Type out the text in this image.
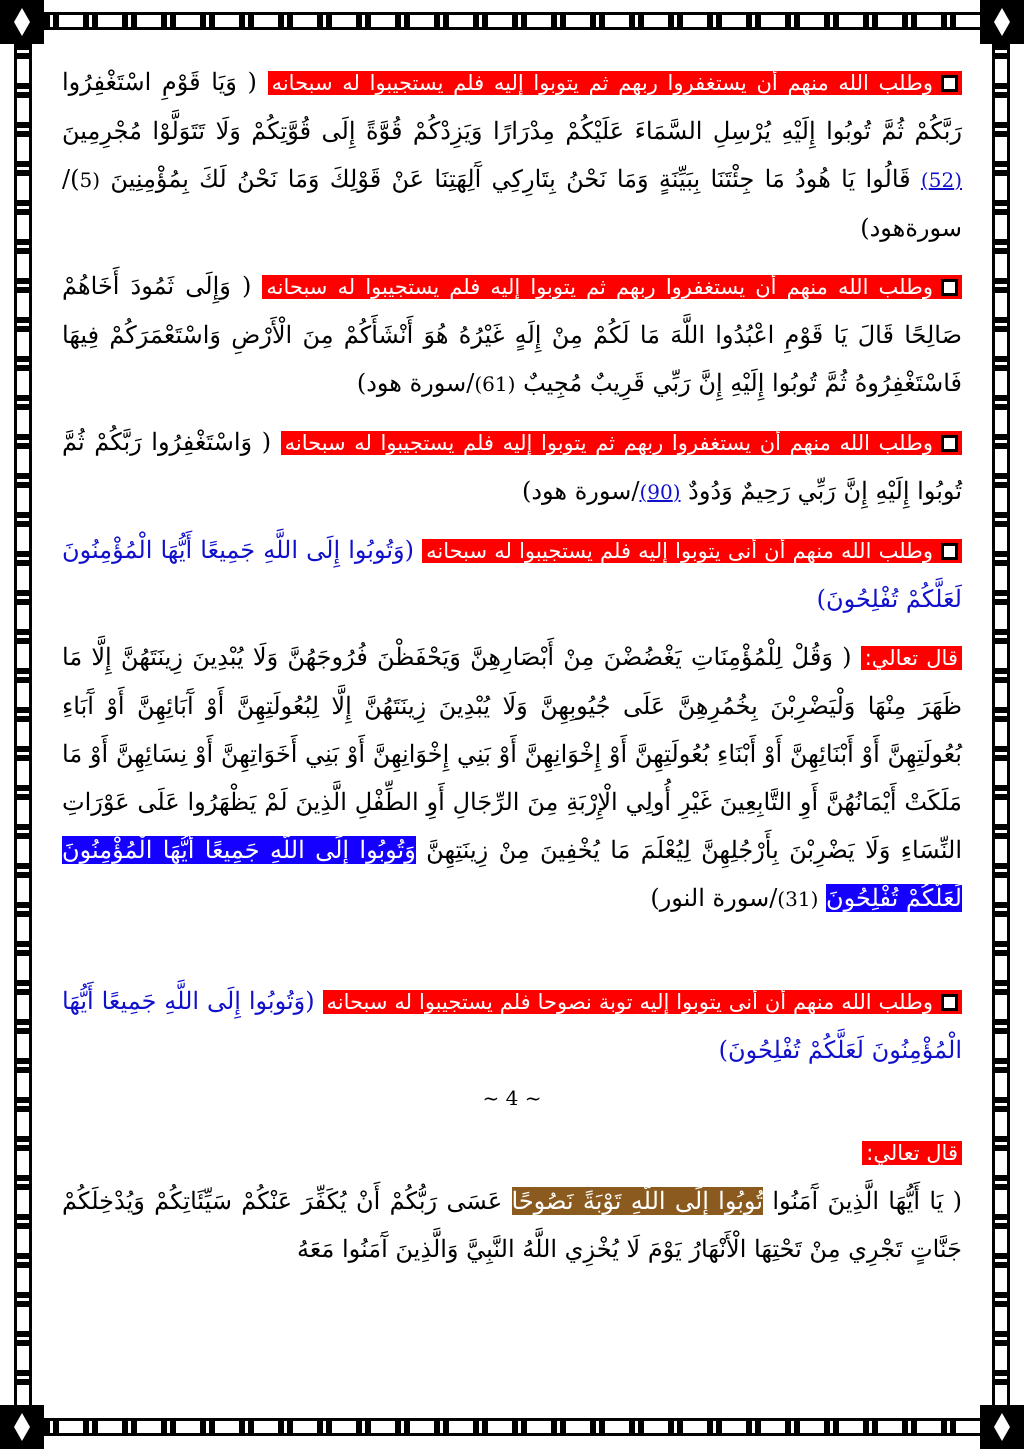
وطلب الله منهم أن يستغفروا ربهم ثم يتوبوا إليه فلم يستجيبوا له سبحانه ( وَيَا قَوْمِ اسْتَغْفِرُوا رَبَّكُمْ ثُمَّ تُوبُوا إِلَيْهِ يُرْسِلِ السَّمَاءَ عَلَيْكُمْ مِدْرَارًا وَيَزِدْكُمْ قُوَّةً إِلَى قُوَّتِكُمْ وَلَا تَتَوَلَّوْا مُجْرِمِينَ (52) قَالُوا يَا هُودُ مَا جِئْتَنَا بِبَيِّنَةٍ وَمَا نَحْنُ بِتَارِكِي آَلِهَتِنَا عَنْ قَوْلِكَ وَمَا نَحْنُ لَكَ بِمُؤْمِنِينَ (5)/سورةهود)

وطلب الله منهم أن يستغفروا ربهم ثم يتوبوا إليه فلم يستجيبوا له سبحانه ( وَإِلَى ثَمُودَ أَخَاهُمْ صَالِحًا قَالَ يَا قَوْمِ اعْبُدُوا اللَّهَ مَا لَكُمْ مِنْ إِلَهٍ غَيْرُهُ هُوَ أَنْشَأَكُمْ مِنَ الْأَرْضِ وَاسْتَعْمَرَكُمْ فِيهَا فَاسْتَغْفِرُوهُ ثُمَّ تُوبُوا إِلَيْهِ إِنَّ رَبِّي قَرِيبٌ مُجِيبٌ (61)/سورة هود)

وطلب الله منهم أن يستغفروا ربهم ثم يتوبوا إليه فلم يستجيبوا له سبحانه ( وَاسْتَغْفِرُوا رَبَّكُمْ ثُمَّ تُوبُوا إِلَيْهِ إِنَّ رَبِّي رَحِيمٌ وَدُودٌ (90)/سورة هود)

وطلب الله منهم أن أنى يتوبوا إليه فلم يستجيبوا له سبحانه (وَتُوبُوا إِلَى اللَّهِ جَمِيعًا أَيُّهَا الْمُؤْمِنُونَ لَعَلَّكُمْ تُفْلِحُونَ)

قال تعالي: ( وَقُلْ لِلْمُؤْمِنَاتِ يَغْضُضْنَ مِنْ أَبْصَارِهِنَّ وَيَحْفَظْنَ فُرُوجَهُنَّ وَلَا يُبْدِينَ زِينَتَهُنَّ إِلَّا مَا ظَهَرَ مِنْهَا وَلْيَضْرِبْنَ بِخُمُرِهِنَّ عَلَى جُيُوبِهِنَّ وَلَا يُبْدِينَ زِينَتَهُنَّ إِلَّا لِبُعُولَتِهِنَّ أَوْ آَبَائِهِنَّ أَوْ آَبَاءِ بُعُولَتِهِنَّ أَوْ أَبْنَائِهِنَّ أَوْ أَبْنَاءِ بُعُولَتِهِنَّ أَوْ إِخْوَانِهِنَّ أَوْ بَنِي إِخْوَانِهِنَّ أَوْ بَنِي أَخَوَاتِهِنَّ أَوْ نِسَائِهِنَّ أَوْ مَا مَلَكَتْ أَيْمَانُهُنَّ أَوِ التَّابِعِينَ غَيْرِ أُولِي الْإِرْبَةِ مِنَ الرِّجَالِ أَوِ الطِّفْلِ الَّذِينَ لَمْ يَظْهَرُوا عَلَى عَوْرَاتِ النِّسَاءِ وَلَا يَضْرِبْنَ بِأَرْجُلِهِنَّ لِيُعْلَمَ مَا يُخْفِينَ مِنْ زِينَتِهِنَّ وَتُوبُوا إِلَى اللَّهِ جَمِيعًا أَيُّهَا الْمُؤْمِنُونَ لَعَلَّكُمْ تُفْلِحُونَ (31)/سورة النور)

وطلب الله منهم أن أنى يتوبوا إليه توبة نصوحا فلم يستجيبوا له سبحانه (وَتُوبُوا إِلَى اللَّهِ جَمِيعًا أَيُّهَا الْمُؤْمِنُونَ لَعَلَّكُمْ تُفْلِحُونَ)

قال تعالي:
( يَا أَيُّهَا الَّذِينَ آَمَنُوا تُوبُوا إِلَى اللَّهِ تَوْبَةً نَصُوحًا عَسَى رَبُّكُمْ أَنْ يُكَفِّرَ عَنْكُمْ سَيِّئَاتِكُمْ وَيُدْخِلَكُمْ جَنَّاتٍ تَجْرِي مِنْ تَحْتِهَا الْأَنْهَارُ يَوْمَ لَا يُخْزِي اللَّهُ النَّبِيَّ وَالَّذِينَ آَمَنُوا مَعَهُ

~ 4 ~
